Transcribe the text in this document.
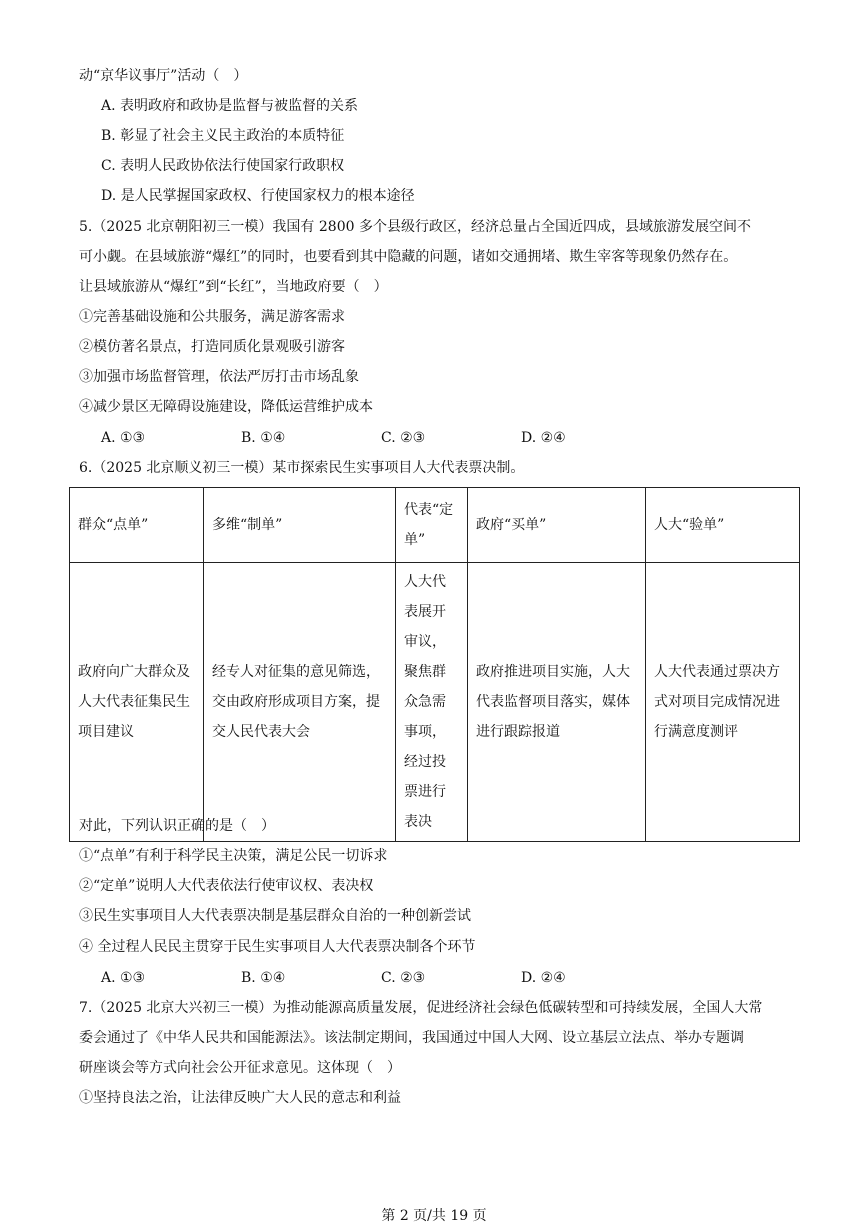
动“京华议事厅”活动（　）
A. 表明政府和政协是监督与被监督的关系
B. 彰显了社会主义民主政治的本质特征
C. 表明人民政协依法行使国家行政职权
D. 是人民掌握国家政权、行使国家权力的根本途径
5.（2025 北京朝阳初三一模）我国有 2800 多个县级行政区，经济总量占全国近四成，县域旅游发展空间不
可小觑。在县域旅游“爆红”的同时，也要看到其中隐藏的问题，诸如交通拥堵、欺生宰客等现象仍然存在。
让县域旅游从“爆红”到“长红”，当地政府要（　）
①完善基础设施和公共服务，满足游客需求
②模仿著名景点，打造同质化景观吸引游客
③加强市场监督管理，依法严厉打击市场乱象
④减少景区无障碍设施建设，降低运营维护成本
A. ①③	B. ①④	C. ②③	D. ②④
6.（2025 北京顺义初三一模）某市探索民生实事项目人大代表票决制。
群众“点单”	多维“制单”	代表“定单”	政府“买单”	人大“验单”
政府向广大群众及人大代表征集民生项目建议	经专人对征集的意见筛选，交由政府形成项目方案，提交人民代表大会	人大代表展开审议，聚焦群众急需事项，经过投票进行表决	政府推进项目实施，人大代表监督项目落实，媒体进行跟踪报道	人大代表通过票决方式对项目完成情况进行满意度测评
对此，下列认识正确的是（　）
①“点单”有利于科学民主决策，满足公民一切诉求
②“定单”说明人大代表依法行使审议权、表决权
③民生实事项目人大代表票决制是基层群众自治的一种创新尝试
④ 全过程人民民主贯穿于民生实事项目人大代表票决制各个环节
A. ①③	B. ①④	C. ②③	D. ②④
7.（2025 北京大兴初三一模）为推动能源高质量发展，促进经济社会绿色低碳转型和可持续发展，全国人大常
委会通过了《中华人民共和国能源法》。该法制定期间，我国通过中国人大网、设立基层立法点、举办专题调
研座谈会等方式向社会公开征求意见。这体现（　）
①坚持良法之治，让法律反映广大人民的意志和利益
第 2 页/共 19 页
